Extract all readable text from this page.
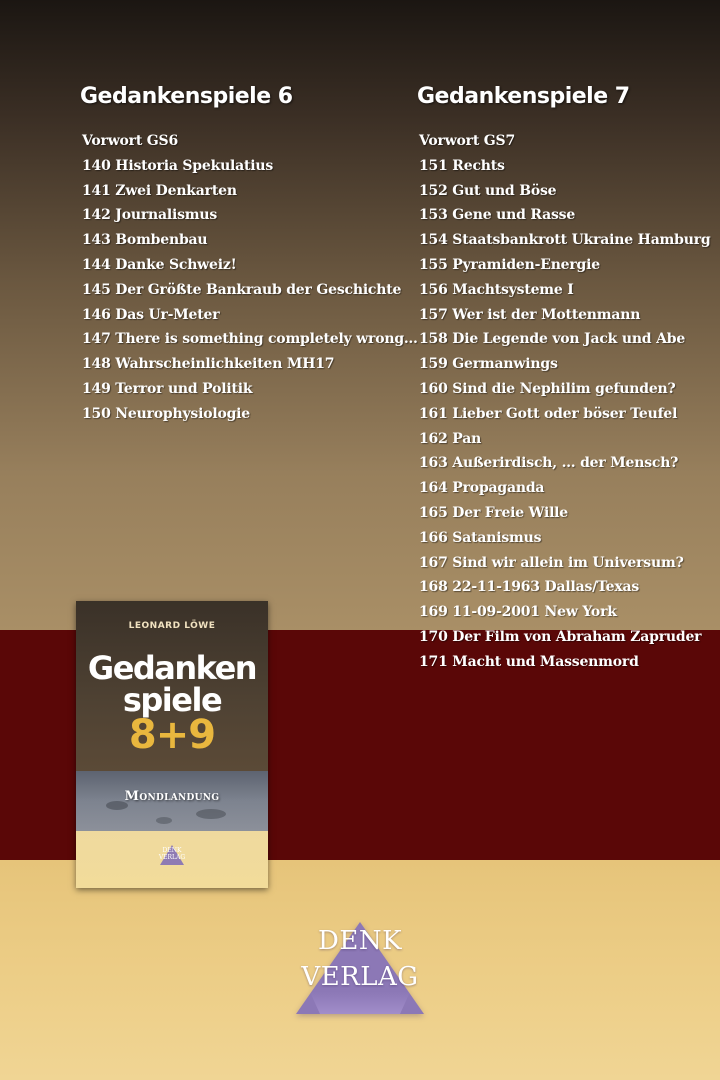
Gedankenspiele 6
Vorwort GS6
140 Historia Spekulatius
141 Zwei Denkarten
142 Journalismus
143 Bombenbau
144 Danke Schweiz!
145 Der Größte Bankraub der Geschichte
146 Das Ur-Meter
147 There is something completely wrong…
148 Wahrscheinlichkeiten MH17
149 Terror und Politik
150 Neurophysiologie
Gedankenspiele 7
Vorwort GS7
151 Rechts
152 Gut und Böse
153 Gene und Rasse
154 Staatsbankrott Ukraine Hamburg
155 Pyramiden-Energie
156 Machtsysteme I
157 Wer ist der Mottenmann
158 Die Legende von Jack und Abe
159 Germanwings
160 Sind die Nephilim gefunden?
161 Lieber Gott oder böser Teufel
162 Pan
163 Außerirdisch, … der Mensch?
164 Propaganda
165 Der Freie Wille
166 Satanismus
167 Sind wir allein im Universum?
168 22-11-1963 Dallas/Texas
169 11-09-2001 New York
170 Der Film von Abraham Zapruder
171 Macht und Massenmord
LEONARD LÖWE
Gedanken
spiele
8+9
Mondlandung
DENK
VERLAG
DENK
VERLAG
